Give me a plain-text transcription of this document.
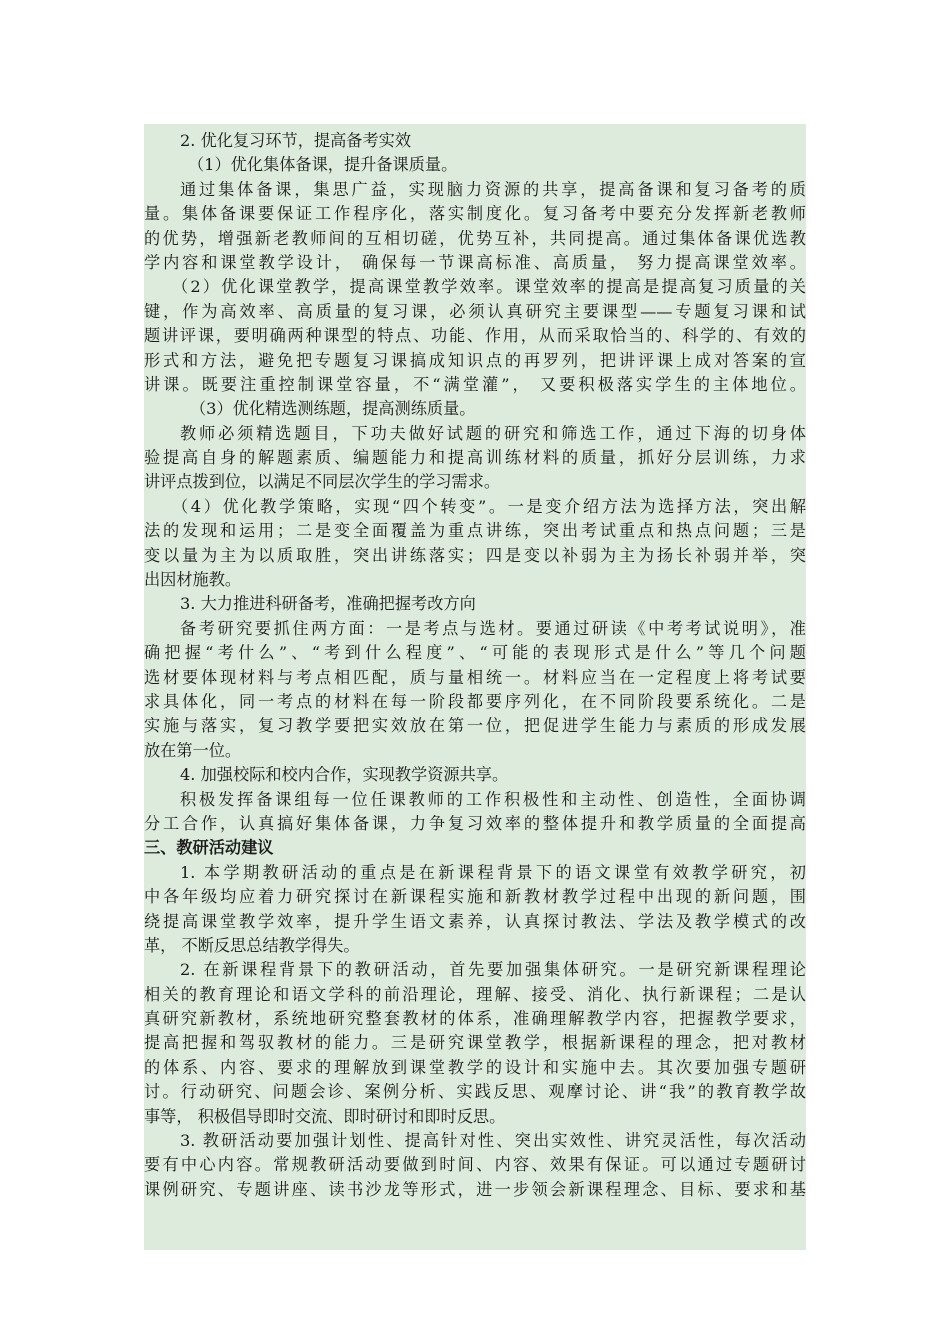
2. 优化复习环节，提高备考实效
（1）优化集体备课，提升备课质量。
通过集体备课，集思广益，实现脑力资源的共享，提高备课和复习备考的质
量。集体备课要保证工作程序化，落实制度化。复习备考中要充分发挥新老教师
的优势，增强新老教师间的互相切磋，优势互补，共同提高。通过集体备课优选教
学内容和课堂教学设计， 确保每一节课高标准、高质量， 努力提高课堂效率。
（2）优化课堂教学，提高课堂教学效率。课堂效率的提高是提高复习质量的关
键，作为高效率、高质量的复习课，必须认真研究主要课型——专题复习课和试
题讲评课，要明确两种课型的特点、功能、作用，从而采取恰当的、科学的、有效的
形式和方法，避免把专题复习课搞成知识点的再罗列，把讲评课上成对答案的宣
讲课。既要注重控制课堂容量，不“满堂灌”， 又要积极落实学生的主体地位。
（3）优化精选测练题，提高测练质量。
教师必须精选题目，下功夫做好试题的研究和筛选工作，通过下海的切身体
验提高自身的解题素质、编题能力和提高训练材料的质量，抓好分层训练，力求
讲评点拨到位，以满足不同层次学生的学习需求。
（4）优化教学策略，实现“四个转变”。一是变介绍方法为选择方法，突出解
法的发现和运用；二是变全面覆盖为重点讲练，突出考试重点和热点问题；三是
变以量为主为以质取胜，突出讲练落实；四是变以补弱为主为扬长补弱并举，突
出因材施教。
3. 大力推进科研备考，准确把握考改方向
备考研究要抓住两方面：一是考点与选材。要通过研读《中考考试说明》，准
确把握“考什么”、“考到什么程度”、“可能的表现形式是什么”等几个问题
选材要体现材料与考点相匹配，质与量相统一。材料应当在一定程度上将考试要
求具体化，同一考点的材料在每一阶段都要序列化，在不同阶段要系统化。二是
实施与落实，复习教学要把实效放在第一位，把促进学生能力与素质的形成发展
放在第一位。
4. 加强校际和校内合作，实现教学资源共享。
积极发挥备课组每一位任课教师的工作积极性和主动性、创造性，全面协调
分工合作，认真搞好集体备课，力争复习效率的整体提升和教学质量的全面提高
三、教研活动建议
1. 本学期教研活动的重点是在新课程背景下的语文课堂有效教学研究，初
中各年级均应着力研究探讨在新课程实施和新教材教学过程中出现的新问题，围
绕提高课堂教学效率，提升学生语文素养，认真探讨教法、学法及教学模式的改
革， 不断反思总结教学得失。
2. 在新课程背景下的教研活动，首先要加强集体研究。一是研究新课程理论
相关的教育理论和语文学科的前沿理论，理解、接受、消化、执行新课程；二是认
真研究新教材，系统地研究整套教材的体系，准确理解教学内容，把握教学要求，
提高把握和驾驭教材的能力。三是研究课堂教学，根据新课程的理念，把对教材
的体系、内容、要求的理解放到课堂教学的设计和实施中去。其次要加强专题研
讨。行动研究、问题会诊、案例分析、实践反思、观摩讨论、讲“我”的教育教学故
事等， 积极倡导即时交流、即时研讨和即时反思。
3. 教研活动要加强计划性、提高针对性、突出实效性、讲究灵活性，每次活动
要有中心内容。常规教研活动要做到时间、内容、效果有保证。可以通过专题研讨
课例研究、专题讲座、读书沙龙等形式，进一步领会新课程理念、目标、要求和基
